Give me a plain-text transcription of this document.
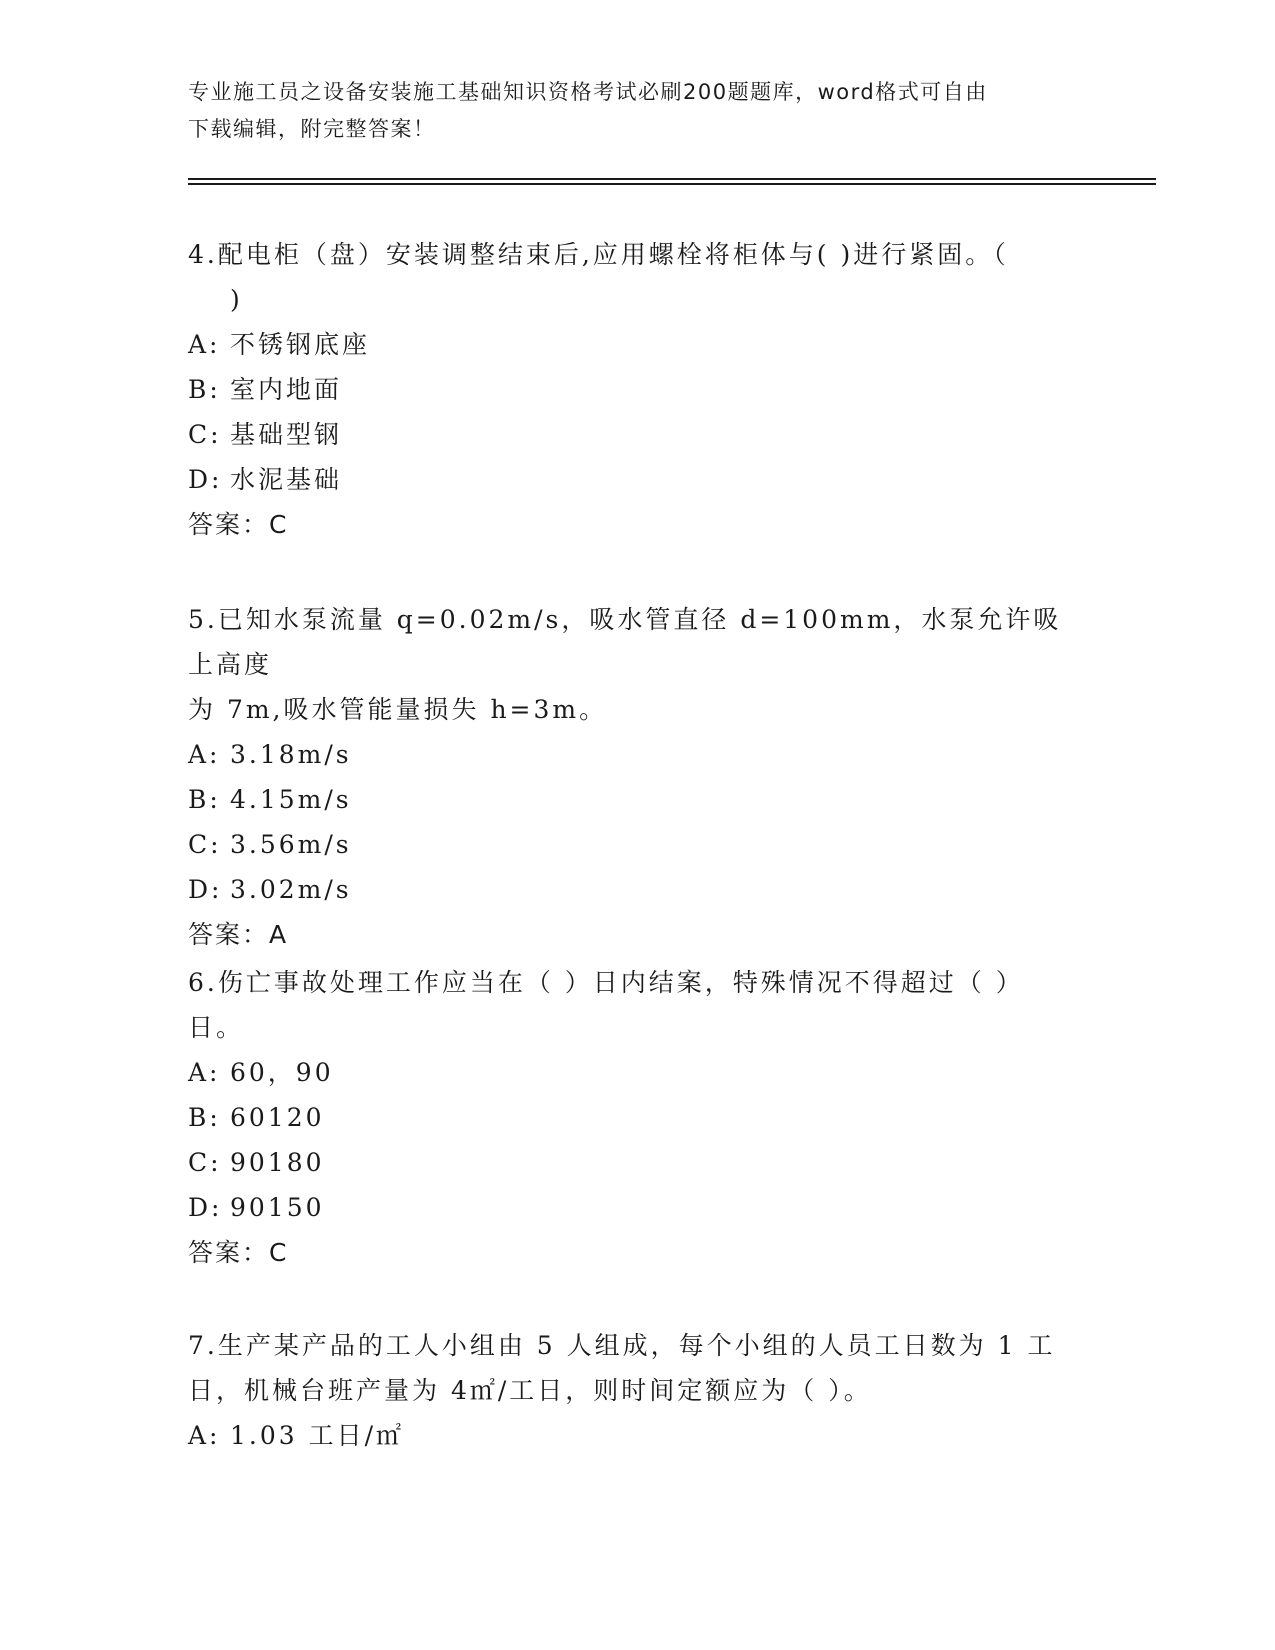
专业施工员之设备安装施工基础知识资格考试必刷200题题库，word格式可自由
下载编辑，附完整答案！

4.配电柜（盘）安装调整结束后,应用螺栓将柜体与( )进行紧固。（
)

A: 不锈钢底座

B: 室内地面

C: 基础型钢

D: 水泥基础

答案：C

5.已知水泵流量 q=0.02m/s，吸水管直径 d=100mm，水泵允许吸上高度
为 7m,吸水管能量损失 h=3m。

A: 3.18m/s

B: 4.15m/s

C: 3.56m/s

D: 3.02m/s

答案：A

6.伤亡事故处理工作应当在（ ）日内结案，特殊情况不得超过（ ）
日。

A: 60，90

B: 60120

C: 90180

D: 90150

答案：C

7.生产某产品的工人小组由 5 人组成，每个小组的人员工日数为 1 工
日，机械台班产量为 4㎡/工日，则时间定额应为（ ）。

A: 1.03 工日/㎡
